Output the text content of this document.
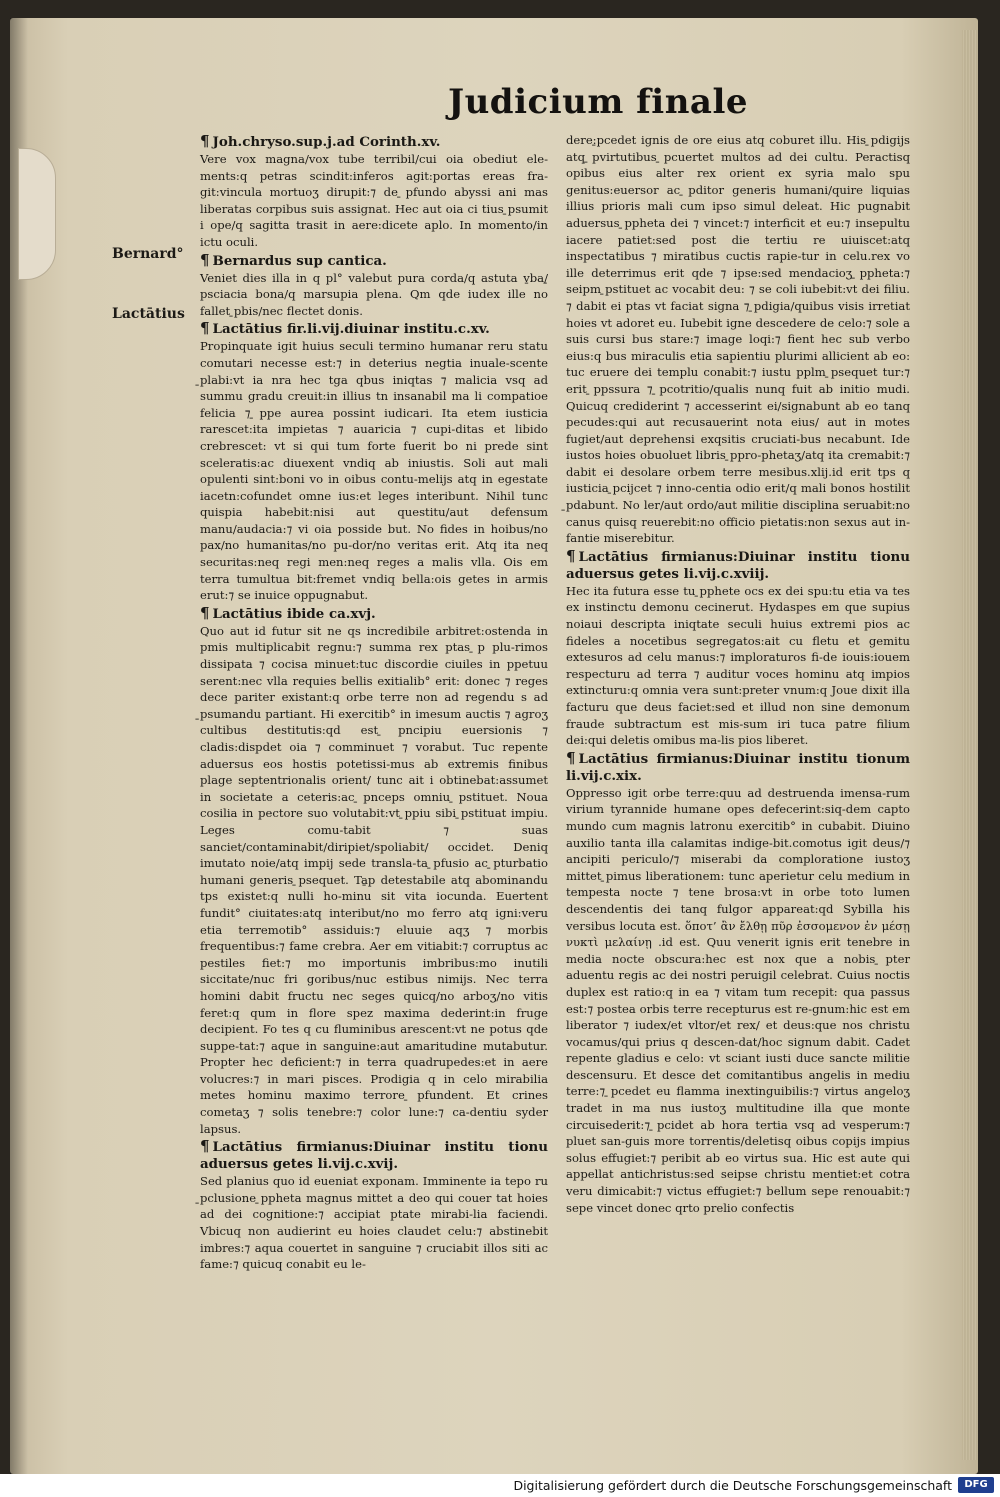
Judicium finale
Bernard°
Lactātius
¶ Joh.chryso.sup.j.ad Corinth.xv.

Vere vox magna/vox tube terribil/cui oia obediut ele-ments:q petras scindit:inferos agit:portas ereas fra-git:vincula mortuoʒ dirupit:⁊ de ̱pfundo abyssi ani mas liberatas corpibus suis assignat. Hec aut oia ci tius ̱psumit i ope/q sagitta trasit in aere:dicete aplo. In momento/in ictu oculi.

¶ Bernardus sup cantica.

Veniet dies illa in q pl° valebut pura corda/q astuta v̱ba/̱psciacia bona/q marsupia plena. Qm qde iudex ille no fallet ̱pbis/nec flectet donis.

¶ Lactātius fir.li.vij.diuinar institu.c.xv.

Propinquate igit huius seculi termino humanar reru statu comutari necesse est:⁊ in deterius negtia inuale-scente ̱plabi:vt ia nra hec tga qbus iniqtas ⁊ malicia vsq ad summu gradu creuit:in illius tn insanabil ma li compatioe felicia ⁊ ̱ppe aurea possint iudicari. Ita etem iusticia rarescet:ita impietas ⁊ auaricia ⁊ cupi-ditas et libido crebrescet: vt si qui tum forte fuerit bo ni prede sint sceleratis:ac diuexent vndiq ab iniustis. Soli aut mali opulenti sint:boni vo in oibus contu-melijs atq in egestate iacetn:cofundet omne ius:et leges interibunt. Nihil tunc quispia habebit:nisi aut questitu/aut defensum manu/audacia:⁊ vi oia posside but. No fides in hoibus/no pax/no humanitas/no pu-dor/no veritas erit. Atq ita neq securitas:neq regi men:neq reges a malis vlla. Ois em terra tumultua bit:fremet vndiq bella:ois getes in armis erut:⁊ se inuice oppugnabut.

¶ Lactātius ibide ca.xvj.

Quo aut id futur sit ne qs incredibile arbitret:ostenda in pmis multiplicabit regnu:⁊ summa rex ptas ̱p plu-rimos dissipata ⁊ cocisa minuet:tuc discordie ciuiles in ppetuu serent:nec vlla requies bellis exitialib° erit: donec ⁊ reges dece pariter existant:q orbe terre non ad regendu s ad ̱psumandu partiant. Hi exercitib° in imesum auctis ⁊ agroʒ cultibus destitutis:qd est ̱pncipiu euersionis ⁊ cladis:dispdet oia ⁊ comminuet ⁊ vorabut. Tuc repente aduersus eos hostis potetissi-mus ab extremis finibus plage septentrionalis orient/ tunc ait i obtinebat:assumet in societate a ceteris:ac ̱pnceps omniu ̱pstituet. Noua cosilia in pectore suo volutabit:vt ̱ppiu sibi ̱pstituat impiu. Leges comu-tabit ⁊ suas sanciet/contaminabit/diripiet/spoliabit/ occidet. Deniq imutato noie/atq impij sede transla-ta ̱pfusio ac ̱pturbatio humani generis ̱psequet. Ta̱p detestabile atq abominandu tps existet:q nulli ho-minu sit vita iocunda. Euertent fundit° ciuitates:atq interibut/no mo ferro atq igni:veru etia terremotib° assiduis:⁊ eluuie aqʒ ⁊ morbis frequentibus:⁊ fame crebra. Aer em vitiabit:⁊ corruptus ac pestiles fiet:⁊ mo importunis imbribus:mo inutili siccitate/nuc fri goribus/nuc estibus nimijs. Nec terra homini dabit fructu nec seges quicq/no arboʒ/no vitis feret:q qum in flore spez maxima dederint:in fruge decipient. Fo tes q cu fluminibus arescent:vt ne potus qde suppe-tat:⁊ aque in sanguine:aut amaritudine mutabutur. Propter hec deficient:⁊ in terra quadrupedes:et in aere volucres:⁊ in mari pisces. Prodigia q in celo mirabilia metes hominu maximo terrore ̱pfundent. Et crines cometaʒ ⁊ solis tenebre:⁊ color lune:⁊ ca-dentiu syder lapsus.

¶ Lactātius firmianus:Diuinar institu tionu aduersus getes li.vij.c.xvij.

Sed planius quo id eueniat exponam. Imminente ia tepo ru ̱pclusione ̱ppheta magnus mittet a deo qui couer tat hoies ad dei cognitione:⁊ accipiat ptate mirabi-lia faciendi. Vbicuq non audierint eu hoies claudet celu:⁊ abstinebit imbres:⁊ aqua couertet in sanguine ⁊ cruciabit illos siti ac fame:⁊ quicuq conabit eu le-

dere:̱pcedet ignis de ore eius atq coburet illu. His ̱pdigijs atq ̱pvirtutibus ̱pcuertet multos ad dei cultu. Peractisq opibus eius alter rex orient ex syria malo spu genitus:euersor ac ̱pditor generis humani/quire liquias illius prioris mali cum ipso simul deleat. Hic pugnabit aduersus ̱ppheta dei ⁊ vincet:⁊ interficit et eu:⁊ insepultu iacere patiet:sed post die tertiu re uiuiscet:atq inspectatibus ⁊ miratibus cuctis rapie-tur in celu.rex vo ille deterrimus erit qde ⁊ ipse:sed mendacioʒ ̱ppheta:⁊ seipm ̱pstituet ac vocabit deu: ⁊ se coli iubebit:vt dei filiu. ⁊ dabit ei ptas vt faciat signa ⁊ ̱pdigia/quibus visis irretiat hoies vt adoret eu. Iubebit igne descedere de celo:⁊ sole a suis cursi bus stare:⁊ image loqi:⁊ fient hec sub verbo eius:q bus miraculis etia sapientiu plurimi allicient ab eo: tuc eruere dei templu conabit:⁊ iustu pplm ̱psequet tur:⁊ erit ̱ppssura ⁊ ̱pcotritio/qualis nunq fuit ab initio mudi. Quicuq crediderint ⁊ accesserint ei/signabunt ab eo tanq pecudes:qui aut recusauerint nota eius/ aut in motes fugiet/aut deprehensi exqsitis cruciati-bus necabunt. Ide iustos hoies obuoluet libris ̱ppro-phetaʒ/atq ita cremabit:⁊ dabit ei desolare orbem terre mesibus.xlij.id erit tps q iusticia ̱pcijcet ⁊ inno-centia odio erit/q mali bonos hostilit ̱pdabunt. No ler/aut ordo/aut militie disciplina seruabit:no canus quisq reuerebit:no officio pietatis:non sexus aut in-fantie miserebitur.

¶ Lactātius firmianus:Diuinar institu tionu aduersus getes li.vij.c.xviij.

Hec ita futura esse tu ̱pphete ocs ex dei spu:tu etia va tes ex instinctu demonu cecinerut. Hydaspes em que supius noiaui descripta iniqtate seculi huius extremi pios ac fideles a nocetibus segregatos:ait cu fletu et gemitu extesuros ad celu manus:⁊ imploraturos fi-de iouis:iouem respecturu ad terra ⁊ auditur voces hominu atq impios extincturu:q omnia vera sunt:preter vnum:q Joue dixit illa facturu que deus faciet:sed et illud non sine demonum fraude subtractum est mis-sum iri tuca patre filium dei:qui deletis omibus ma-lis pios liberet.

¶ Lactātius firmianus:Diuinar institu tionum li.vij.c.xix.

Oppresso igit orbe terre:quu ad destruenda imensa-rum virium tyrannide humane opes defecerint:siq-dem capto mundo cum magnis latronu exercitib° in cubabit. Diuino auxilio tanta illa calamitas indige-bit.comotus igit deus/⁊ ancipiti periculo/⁊ miserabi da comploratione iustoʒ mittet ̱pimus liberationem: tunc aperietur celu medium in tempesta nocte ⁊ tene brosa:vt in orbe toto lumen descendentis dei tanq fulgor appareat:qd Sybilla his versibus locuta est. ὅποτ’ ἂν ἔλθῃ πῦρ ἐσσομενον ἐν μέσῃ νυκτὶ μελαίνῃ .id est. Quu venerit ignis erit tenebre in media nocte obscura:hec est nox que a nobis ̱pter aduentu regis ac dei nostri peruigil celebrat. Cuius noctis duplex est ratio:q in ea ⁊ vitam tum recepit: qua passus est:⁊ postea orbis terre recepturus est re-gnum:hic est em liberator ⁊ iudex/et vltor/et rex/ et deus:que nos christu vocamus/qui prius q descen-dat/hoc signum dabit. Cadet repente gladius e celo: vt sciant iusti duce sancte militie descensuru. Et desce det comitantibus angelis in mediu terre:⁊ ̱pcedet eu flamma inextinguibilis:⁊ virtus angeloʒ tradet in ma nus iustoʒ multitudine illa que monte circuisederit:⁊ ̱pcidet ab hora tertia vsq ad vesperum:⁊ pluet san-guis more torrentis/deletisq oibus copijs impius solus effugiet:⁊ peribit ab eo virtus sua. Hic est aute qui appellat antichristus:sed seipse christu mentiet:et cotra veru dimicabit:⁊ victus effugiet:⁊ bellum sepe renouabit:⁊ sepe vincet donec qrto prelio confectis

Digitalisierung gefördert durch die Deutsche Forschungsgemeinschaft	DFG
